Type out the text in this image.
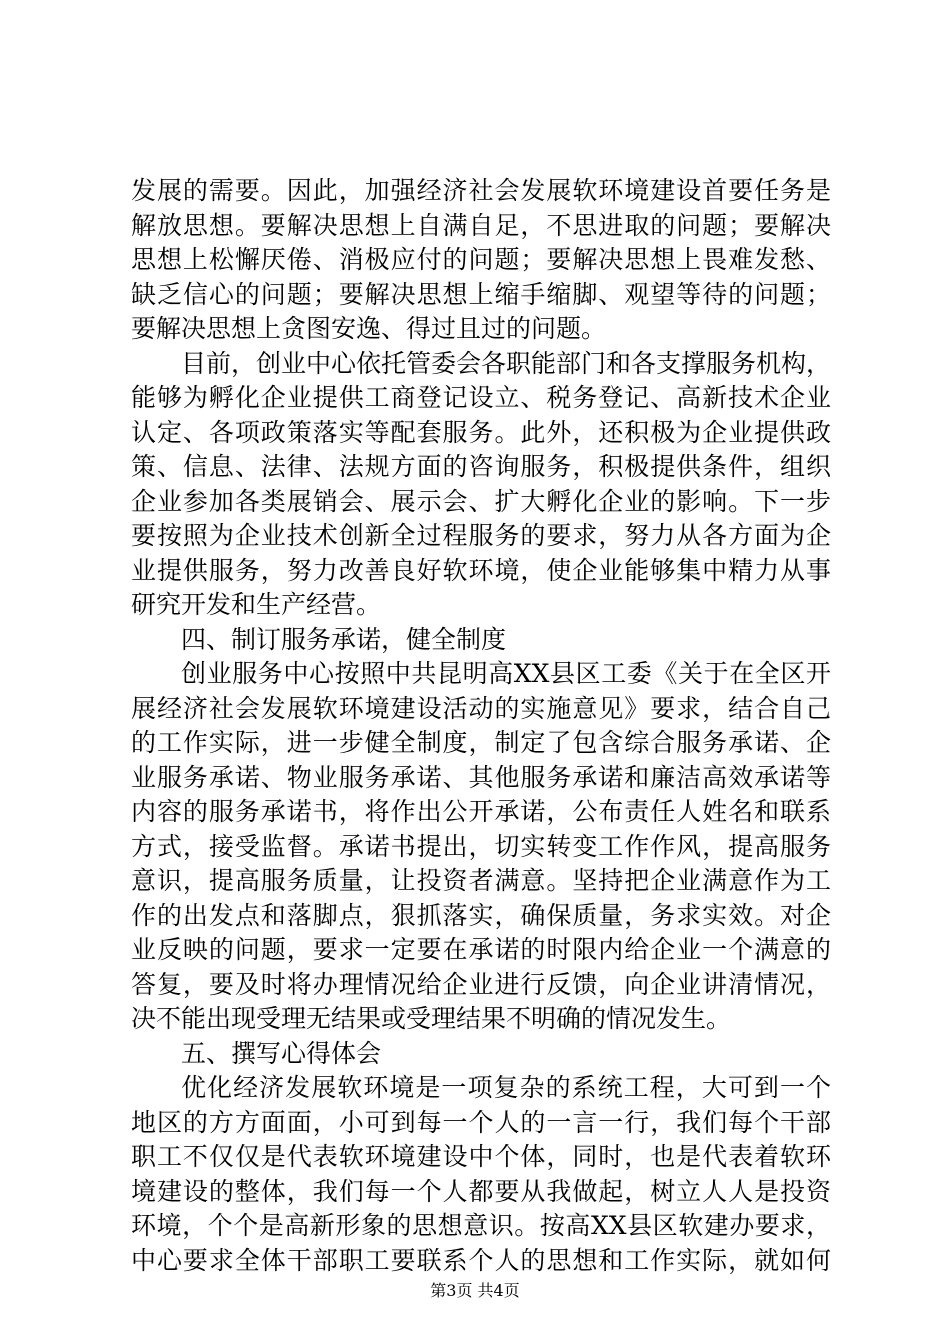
发展的需要。因此，加强经济社会发展软环境建设首要任务是
解放思想。要解决思想上自满自足，不思进取的问题；要解决
思想上松懈厌倦、消极应付的问题；要解决思想上畏难发愁、
缺乏信心的问题；要解决思想上缩手缩脚、观望等待的问题；
要解决思想上贪图安逸、得过且过的问题。
目前，创业中心依托管委会各职能部门和各支撑服务机构，
能够为孵化企业提供工商登记设立、税务登记、高新技术企业
认定、各项政策落实等配套服务。此外，还积极为企业提供政
策、信息、法律、法规方面的咨询服务，积极提供条件，组织
企业参加各类展销会、展示会、扩大孵化企业的影响。下一步
要按照为企业技术创新全过程服务的要求，努力从各方面为企
业提供服务，努力改善良好软环境，使企业能够集中精力从事
研究开发和生产经营。
四、制订服务承诺，健全制度
创业服务中心按照中共昆明高XX县区工委《关于在全区开
展经济社会发展软环境建设活动的实施意见》要求，结合自己
的工作实际，进一步健全制度，制定了包含综合服务承诺、企
业服务承诺、物业服务承诺、其他服务承诺和廉洁高效承诺等
内容的服务承诺书，将作出公开承诺，公布责任人姓名和联系
方式，接受监督。承诺书提出，切实转变工作作风，提高服务
意识，提高服务质量，让投资者满意。坚持把企业满意作为工
作的出发点和落脚点，狠抓落实，确保质量，务求实效。对企
业反映的问题，要求一定要在承诺的时限内给企业一个满意的
答复，要及时将办理情况给企业进行反馈，向企业讲清情况，
决不能出现受理无结果或受理结果不明确的情况发生。
五、撰写心得体会
优化经济发展软环境是一项复杂的系统工程，大可到一个
地区的方方面面，小可到每一个人的一言一行，我们每个干部
职工不仅仅是代表软环境建设中个体，同时，也是代表着软环
境建设的整体，我们每一个人都要从我做起，树立人人是投资
环境，个个是高新形象的思想意识。按高XX县区软建办要求，
中心要求全体干部职工要联系个人的思想和工作实际，就如何
第3页 共4页
